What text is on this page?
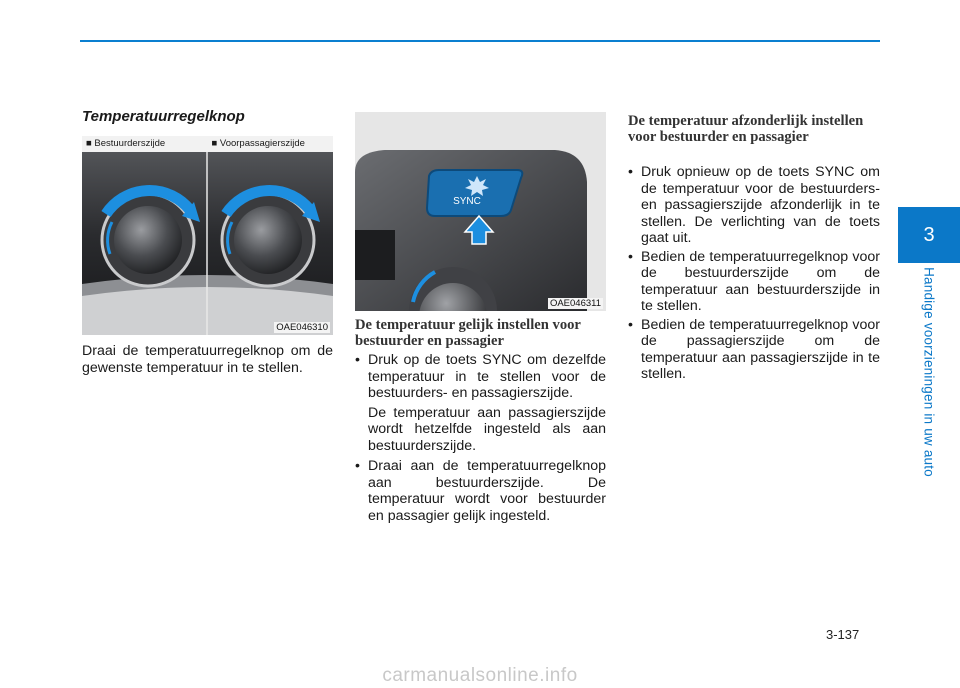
3
Handige voorzieningen in uw auto
Temperatuurregelknop
■ Bestuurderszijde	■ Voorpassagierszijde
OAE046310
Draai de temperatuurregelknop om de gewenste temperatuur in te stellen.
SYNC
OAE046311
De temperatuur gelijk instellen voor bestuurder en passagier
• Druk op de toets SYNC om dezelfde temperatuur in te stellen voor de bestuurders- en passagierszijde.

De temperatuur aan passagierszijde wordt hetzelfde ingesteld als aan bestuurderszijde.

• Draai aan de temperatuurregelknop aan bestuurderszijde. De temperatuur wordt voor bestuurder en passagier gelijk ingesteld.
De temperatuur afzonderlijk instellen voor bestuurder en passagier
• Druk opnieuw op de toets SYNC om de temperatuur voor de bestuurders- en passagierszijde afzonderlijk in te stellen. De verlichting van de toets gaat uit.
• Bedien de temperatuurregelknop voor de bestuurderszijde om de temperatuur aan bestuurderszijde in te stellen.
• Bedien de temperatuurregelknop voor de passagierszijde om de temperatuur aan passagierszijde in te stellen.
3-137
carmanualsonline.info
